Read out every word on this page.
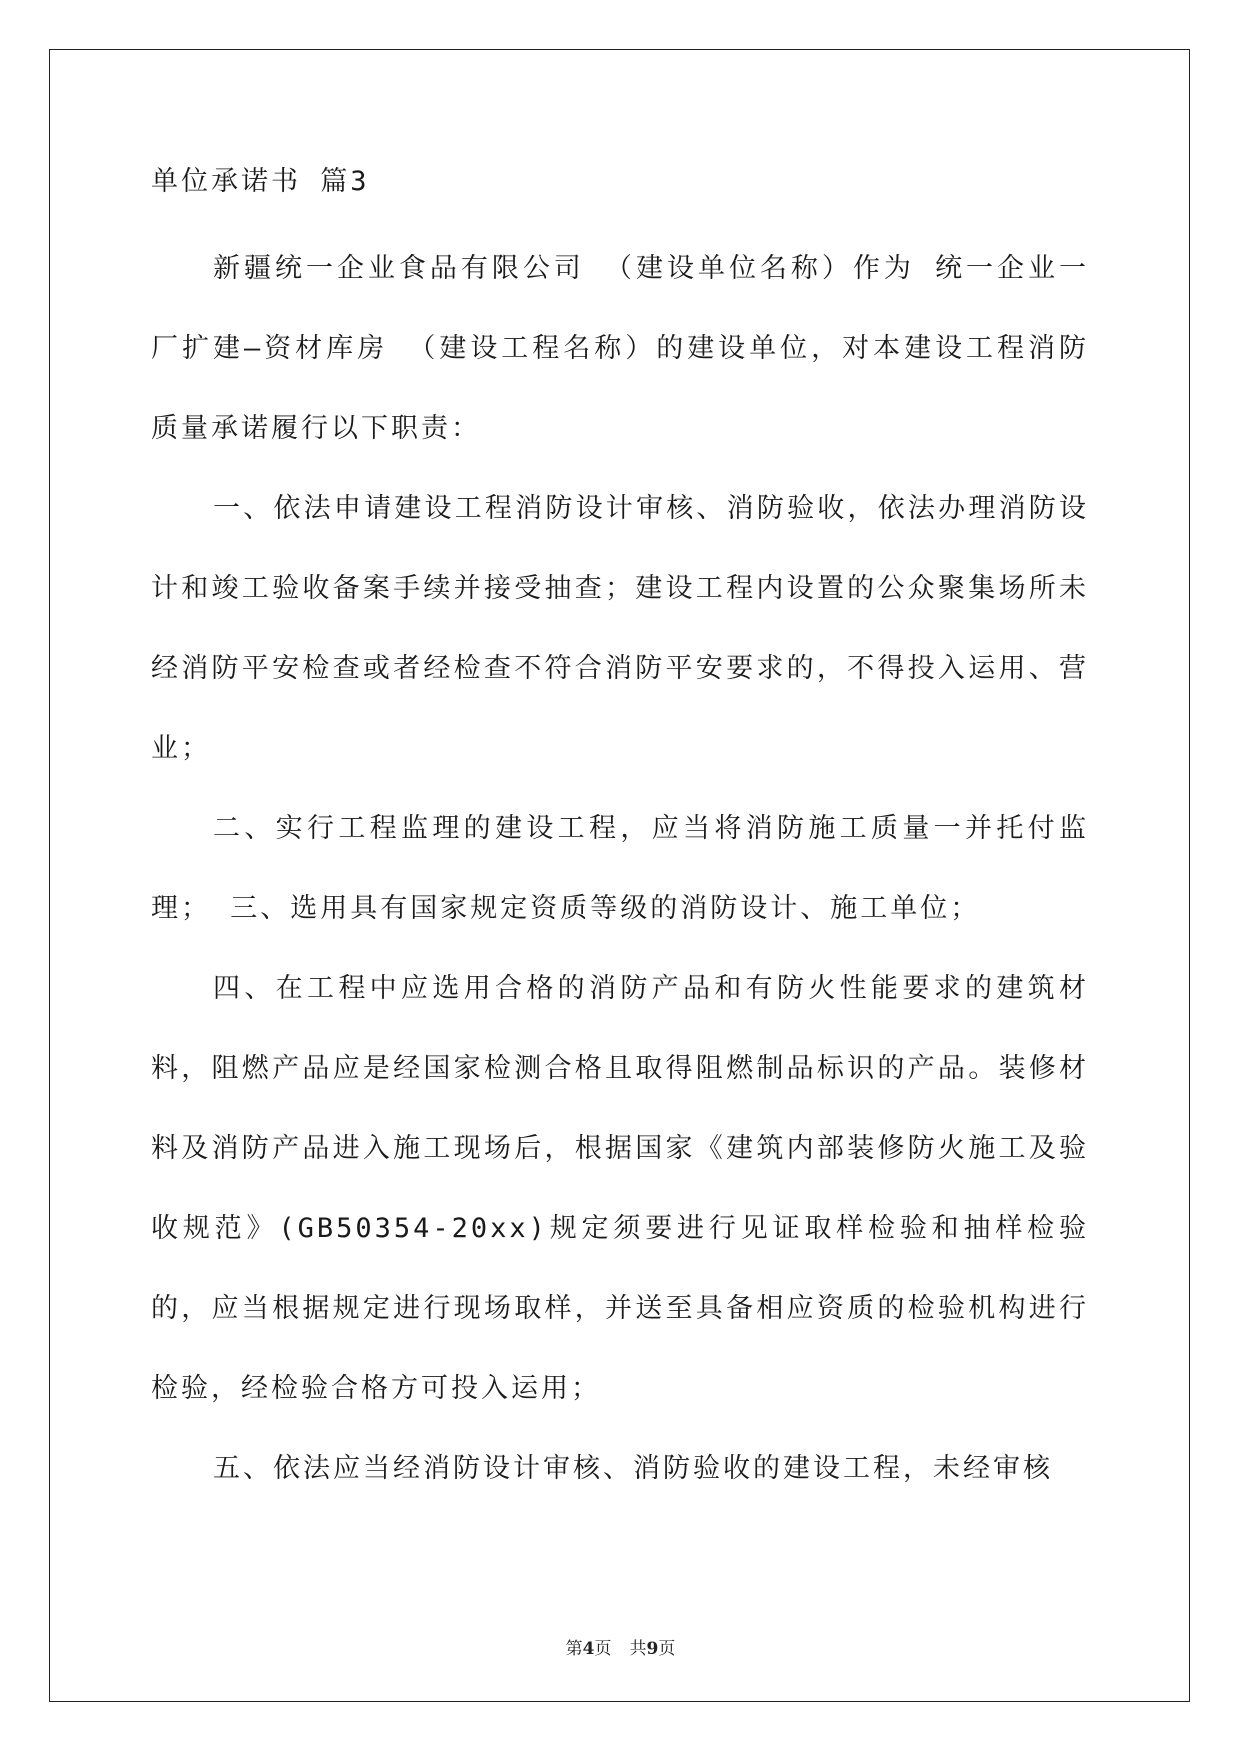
单位承诺书 篇3

新疆统一企业食品有限公司 （建设单位名称）作为 统一企业一厂扩建—资材库房 （建设工程名称）的建设单位，对本建设工程消防质量承诺履行以下职责：

一、依法申请建设工程消防设计审核、消防验收，依法办理消防设计和竣工验收备案手续并接受抽查；建设工程内设置的公众聚集场所未经消防平安检查或者经检查不符合消防平安要求的，不得投入运用、营业；

二、实行工程监理的建设工程，应当将消防施工质量一并托付监理； 三、选用具有国家规定资质等级的消防设计、施工单位；

四、在工程中应选用合格的消防产品和有防火性能要求的建筑材料，阻燃产品应是经国家检测合格且取得阻燃制品标识的产品。装修材料及消防产品进入施工现场后，根据国家《建筑内部装修防火施工及验收规范》(GB50354-20xx)规定须要进行见证取样检验和抽样检验的，应当根据规定进行现场取样，并送至具备相应资质的检验机构进行检验，经检验合格方可投入运用；

五、依法应当经消防设计审核、消防验收的建设工程，未经审核

第4页 共9页
